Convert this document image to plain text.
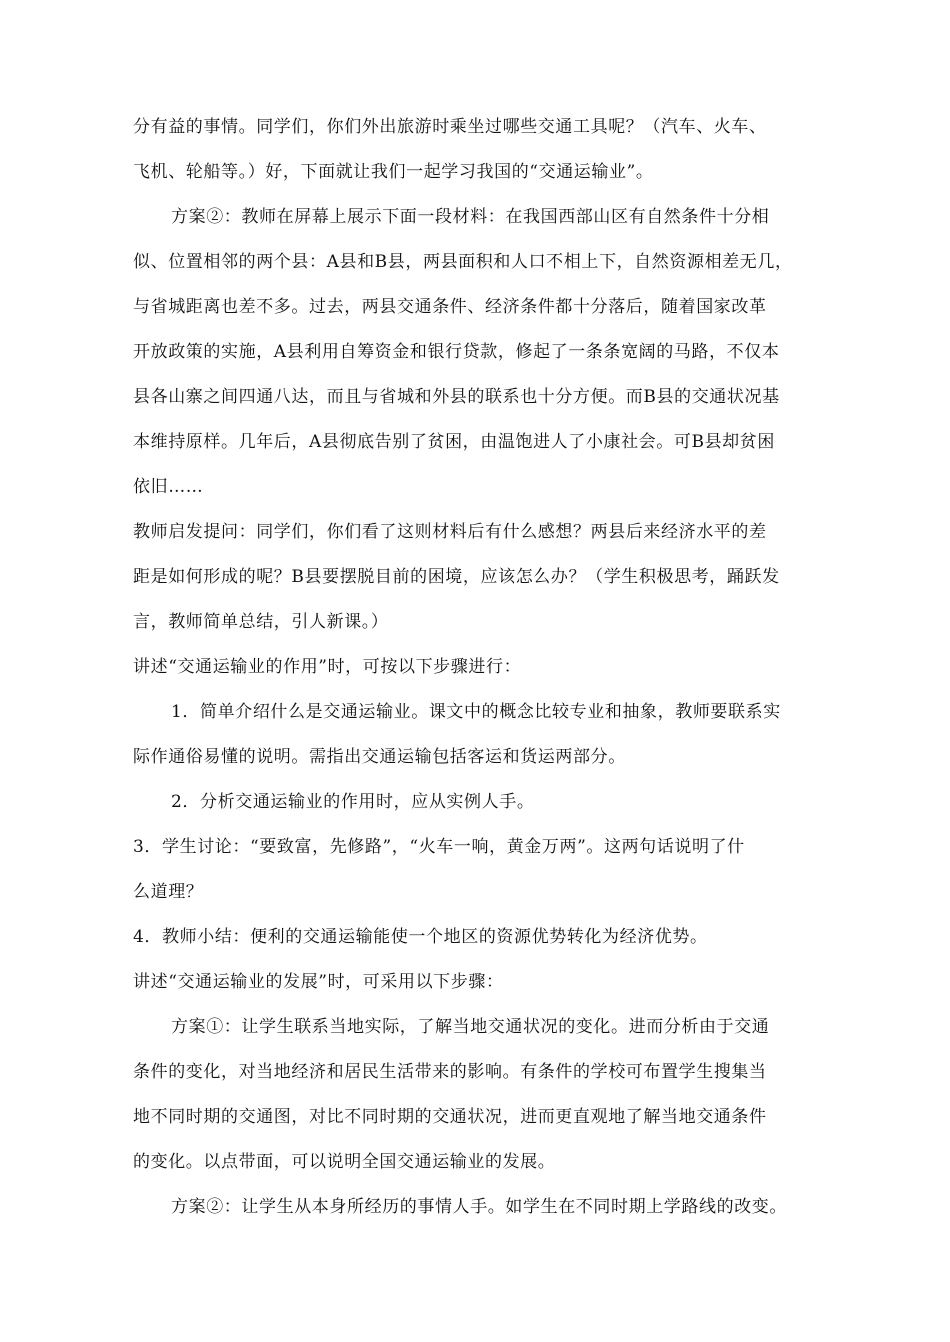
分有益的事情。同学们，你们外出旅游时乘坐过哪些交通工具呢？（汽车、火车、
飞机、轮船等。）好，下面就让我们一起学习我国的“交通运输业”。
方案②：教师在屏幕上展示下面一段材料：在我国西部山区有自然条件十分相
似、位置相邻的两个县：A县和B县，两县面积和人口不相上下，自然资源相差无几，
与省城距离也差不多。过去，两县交通条件、经济条件都十分落后，随着国家改革
开放政策的实施，A县利用自筹资金和银行贷款，修起了一条条宽阔的马路，不仅本
县各山寨之间四通八达，而且与省城和外县的联系也十分方便。而B县的交通状况基
本维持原样。几年后，A县彻底告别了贫困，由温饱进人了小康社会。可B县却贫困
依旧……
教师启发提问：同学们，你们看了这则材料后有什么感想？两县后来经济水平的差
距是如何形成的呢？B县要摆脱目前的困境，应该怎么办？（学生积极思考，踊跃发
言，教师简单总结，引人新课。）
讲述“交通运输业的作用”时，可按以下步骤进行：
1．简单介绍什么是交通运输业。课文中的概念比较专业和抽象，教师要联系实
际作通俗易懂的说明。需指出交通运输包括客运和货运两部分。
2．分析交通运输业的作用时，应从实例人手。
3．学生讨论：“要致富，先修路”，“火车一响，黄金万两”。这两句话说明了什
么道理？
4．教师小结：便利的交通运输能使一个地区的资源优势转化为经济优势。
讲述“交通运输业的发展”时，可采用以下步骤：
方案①：让学生联系当地实际，了解当地交通状况的变化。进而分析由于交通
条件的变化，对当地经济和居民生活带来的影响。有条件的学校可布置学生搜集当
地不同时期的交通图，对比不同时期的交通状况，进而更直观地了解当地交通条件
的变化。以点带面，可以说明全国交通运输业的发展。
方案②：让学生从本身所经历的事情人手。如学生在不同时期上学路线的改变。
